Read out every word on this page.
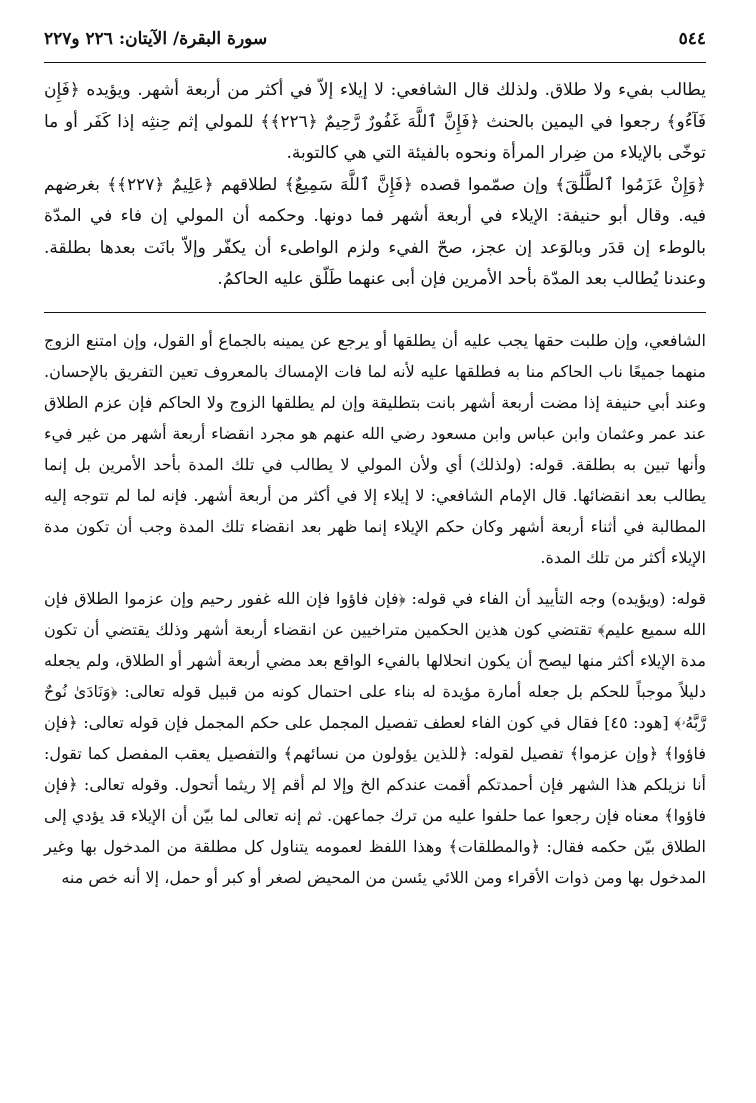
٥٤٤
سورة البقرة/ الآيتان: ٢٢٦ و٢٢٧

يطالب بفيء ولا طلاق. ولذلك قال الشافعي: لا إيلاء إلاّ في أكثر من أربعة أشهر. ويؤيده ﴿فَإِن فَآءُو﴾ رجعوا في اليمين بالحنث ﴿فَإِنَّ ٱللَّهَ غَفُورٌ رَّحِيمٌ ﴿٢٢٦﴾﴾ للمولي إثم حِنثِه إذا كَفَر أو ما توخّى بالإيلاء من ضِرار المرأة ونحوه بالفيئة التي هي كالتوبة.

﴿وَإِنْ عَزَمُوا ٱلطَّلَٰقَ﴾ وإن صمّموا قصده ﴿فَإِنَّ ٱللَّهَ سَمِيعٌ﴾ لطلاقهم ﴿عَلِيمٌ ﴿٢٢٧﴾﴾ بغرضهم فيه. وقال أبو حنيفة: الإيلاء في أربعة أشهر فما دونها. وحكمه أن المولي إن فاء في المدّة بالوطء إن قدَر وبالوَعد إن عجز، صحّ الفيء ولزم الواطىء أن يكفّر وإلاّ بانَت بعدها بطلقة. وعندنا يُطالب بعد المدّة بأحد الأمرين فإن أبى عنهما طَلّق عليه الحاكمُ.

الشافعي، وإن طلبت حقها يجب عليه أن يطلقها أو يرجع عن يمينه بالجماع أو القول، وإن امتنع الزوج منهما جميعًا ناب الحاكم منا به فطلقها عليه لأنه لما فات الإمساك بالمعروف تعين التفريق بالإحسان. وعند أبي حنيفة إذا مضت أربعة أشهر بانت بتطليقة وإن لم يطلقها الزوج ولا الحاكم فإن عزم الطلاق عند عمر وعثمان وابن عباس وابن مسعود رضي الله عنهم هو مجرد انقضاء أربعة أشهر من غير فيء وأنها تبين به بطلقة. قوله: (ولذلك) أي ولأن المولي لا يطالب في تلك المدة بأحد الأمرين بل إنما يطالب بعد انقضائها. قال الإمام الشافعي: لا إيلاء إلا في أكثر من أربعة أشهر. فإنه لما لم تتوجه إليه المطالبة في أثناء أربعة أشهر وكان حكم الإيلاء إنما ظهر بعد انقضاء تلك المدة وجب أن تكون مدة الإيلاء أكثر من تلك المدة.

قوله: (ويؤيده) وجه التأييد أن الفاء في قوله: ﴿فإن فاؤوا فإن الله غفور رحيم وإن عزموا الطلاق فإن الله سميع عليم﴾ تقتضي كون هذين الحكمين متراخيين عن انقضاء أربعة أشهر وذلك يقتضي أن تكون مدة الإيلاء أكثر منها ليصح أن يكون انحلالها بالفيء الواقع بعد مضي أربعة أشهر أو الطلاق، ولم يجعله دليلاً موجباً للحكم بل جعله أمارة مؤيدة له بناء على احتمال كونه من قبيل قوله تعالى: ﴿وَنَادَىٰ نُوحٌ رَّبَّهُۥ﴾ [هود: ٤٥] فقال في كون الفاء لعطف تفصيل المجمل على حكم المجمل فإن قوله تعالى: ﴿فإن فاؤوا﴾ ﴿وإن عزموا﴾ تفصيل لقوله: ﴿للذين يؤولون من نسائهم﴾ والتفصيل يعقب المفصل كما تقول: أنا نزيلكم هذا الشهر فإن أحمدتكم أقمت عندكم الخ وإلا لم أقم إلا ريثما أتحول. وقوله تعالى: ﴿فإن فاؤوا﴾ معناه فإن رجعوا عما حلفوا عليه من ترك جماعهن. ثم إنه تعالى لما بيّن أن الإيلاء قد يؤدي إلى الطلاق بيّن حكمه فقال: ﴿والمطلقات﴾ وهذا اللفظ لعمومه يتناول كل مطلقة من المدخول بها وغير المدخول بها ومن ذوات الأقراء ومن اللائي يئسن من المحيض لصغر أو كبر أو حمل، إلا أنه خص منه
